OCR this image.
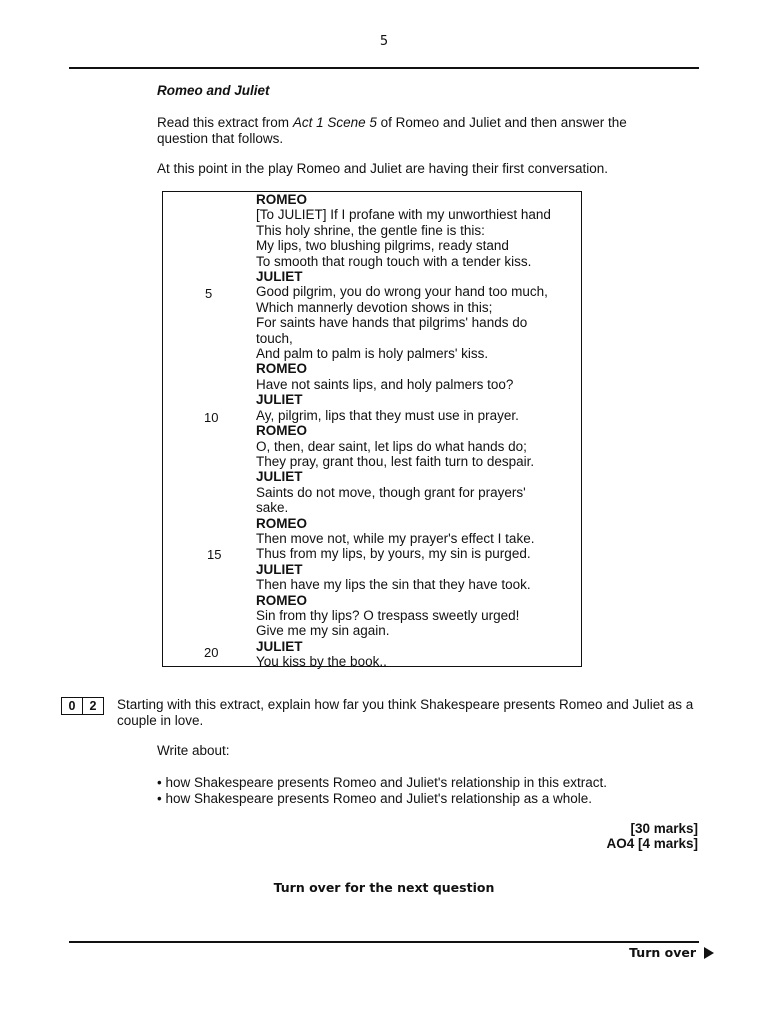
5
Romeo and Juliet
Read this extract from Act 1 Scene 5 of Romeo and Juliet and then answer the question that follows.
At this point in the play Romeo and Juliet are having their first conversation.
ROMEO
[To JULIET] If I profane with my unworthiest hand
This holy shrine, the gentle fine is this:
My lips, two blushing pilgrims, ready stand
To smooth that rough touch with a tender kiss.
JULIET
Good pilgrim, you do wrong your hand too much,
Which mannerly devotion shows in this;
For saints have hands that pilgrims' hands do
touch,
And palm to palm is holy palmers' kiss.
ROMEO
Have not saints lips, and holy palmers too?
JULIET
Ay, pilgrim, lips that they must use in prayer.
ROMEO
O, then, dear saint, let lips do what hands do;
They pray, grant thou, lest faith turn to despair.
JULIET
Saints do not move, though grant for prayers'
sake.
ROMEO
Then move not, while my prayer's effect I take.
Thus from my lips, by yours, my sin is purged.
JULIET
Then have my lips the sin that they have took.
ROMEO
Sin from thy lips? O trespass sweetly urged!
Give me my sin again.
JULIET
You kiss by the book..
5
10
15
20
0	2	Starting with this extract, explain how far you think Shakespeare presents Romeo and Juliet as a couple in love.
Write about:
• how Shakespeare presents Romeo and Juliet's relationship in this extract.
• how Shakespeare presents Romeo and Juliet's relationship as a whole.
[30 marks]
AO4 [4 marks]
Turn over for the next question
Turn over
